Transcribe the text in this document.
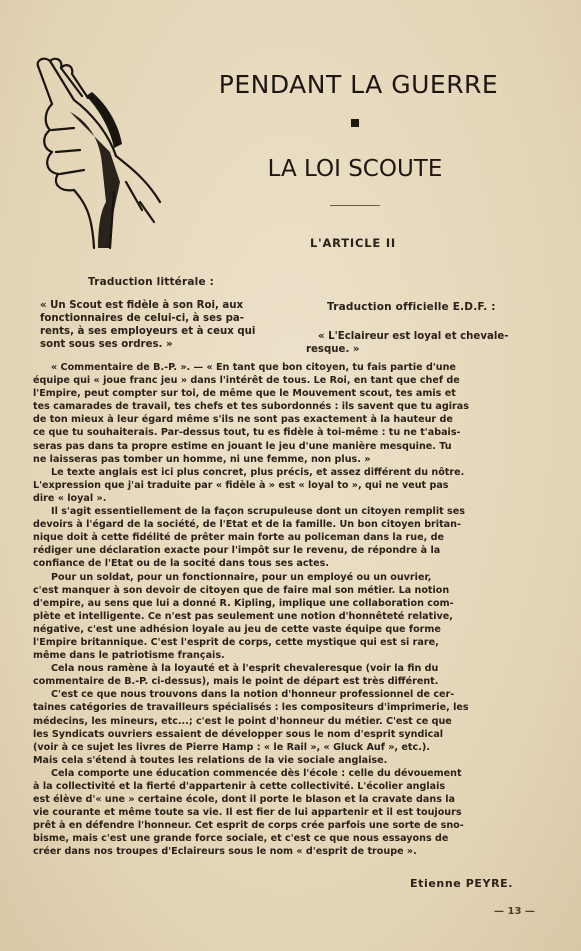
PENDANT LA GUERRE
LA LOI SCOUTE
L'ARTICLE II
Traduction littérale :
« Un Scout est fidèle à son Roi, aux
fonctionnaires de celui-ci, à ses pa-
rents, à ses employeurs et à ceux qui
sont sous ses ordres. »
Traduction officielle E.D.F. :
« L'Eclaireur est loyal et chevale-
resque. »
« Commentaire de B.-P. ». — « En tant que bon citoyen, tu fais partie d'une
équipe qui « joue franc jeu » dans l'intérêt de tous. Le Roi, en tant que chef de
l'Empire, peut compter sur toi, de même que le Mouvement scout, tes amis et
tes camarades de travail, tes chefs et tes subordonnés : ils savent que tu agiras
de ton mieux à leur égard même s'ils ne sont pas exactement à la hauteur de
ce que tu souhaiterais. Par-dessus tout, tu es fidèle à toi-même : tu ne t'abais-
seras pas dans ta propre estime en jouant le jeu d'une manière mesquine. Tu
ne laisseras pas tomber un homme, ni une femme, non plus. »
Le texte anglais est ici plus concret, plus précis, et assez différent du nôtre.
L'expression que j'ai traduite par « fidèle à » est « loyal to », qui ne veut pas
dire « loyal ».
Il s'agit essentiellement de la façon scrupuleuse dont un citoyen remplit ses
devoirs à l'égard de la société, de l'Etat et de la famille. Un bon citoyen britan-
nique doit à cette fidélité de prêter main forte au policeman dans la rue, de
rédiger une déclaration exacte pour l'impôt sur le revenu, de répondre à la
confiance de l'Etat ou de la socité dans tous ses actes.
Pour un soldat, pour un fonctionnaire, pour un employé ou un ouvrier,
c'est manquer à son devoir de citoyen que de faire mal son métier. La notion
d'empire, au sens que lui a donné R. Kipling, implique une collaboration com-
plète et intelligente. Ce n'est pas seulement une notion d'honnêteté relative,
négative, c'est une adhésion loyale au jeu de cette vaste équipe que forme
l'Empire britannique. C'est l'esprit de corps, cette mystique qui est si rare,
même dans le patriotisme français.
Cela nous ramène à la loyauté et à l'esprit chevaleresque (voir la fin du
commentaire de B.-P. ci-dessus), mais le point de départ est très différent.
C'est ce que nous trouvons dans la notion d'honneur professionnel de cer-
taines catégories de travailleurs spécialisés : les compositeurs d'imprimerie, les
médecins, les mineurs, etc...; c'est le point d'honneur du métier. C'est ce que
les Syndicats ouvriers essaient de développer sous le nom d'esprit syndical
(voir à ce sujet les livres de Pierre Hamp : « le Rail », « Gluck Auf », etc.).
Mais cela s'étend à toutes les relations de la vie sociale anglaise.
Cela comporte une éducation commencée dès l'école : celle du dévouement
à la collectivité et la fierté d'appartenir à cette collectivité. L'écolier anglais
est élève d'« une » certaine école, dont il porte le blason et la cravate dans la
vie courante et même toute sa vie. Il est fier de lui appartenir et il est toujours
prêt à en défendre l'honneur. Cet esprit de corps crée parfois une sorte de sno-
bisme, mais c'est une grande force sociale, et c'est ce que nous essayons de
créer dans nos troupes d'Eclaireurs sous le nom « d'esprit de troupe ».
Etienne PEYRE.
— 13 —
